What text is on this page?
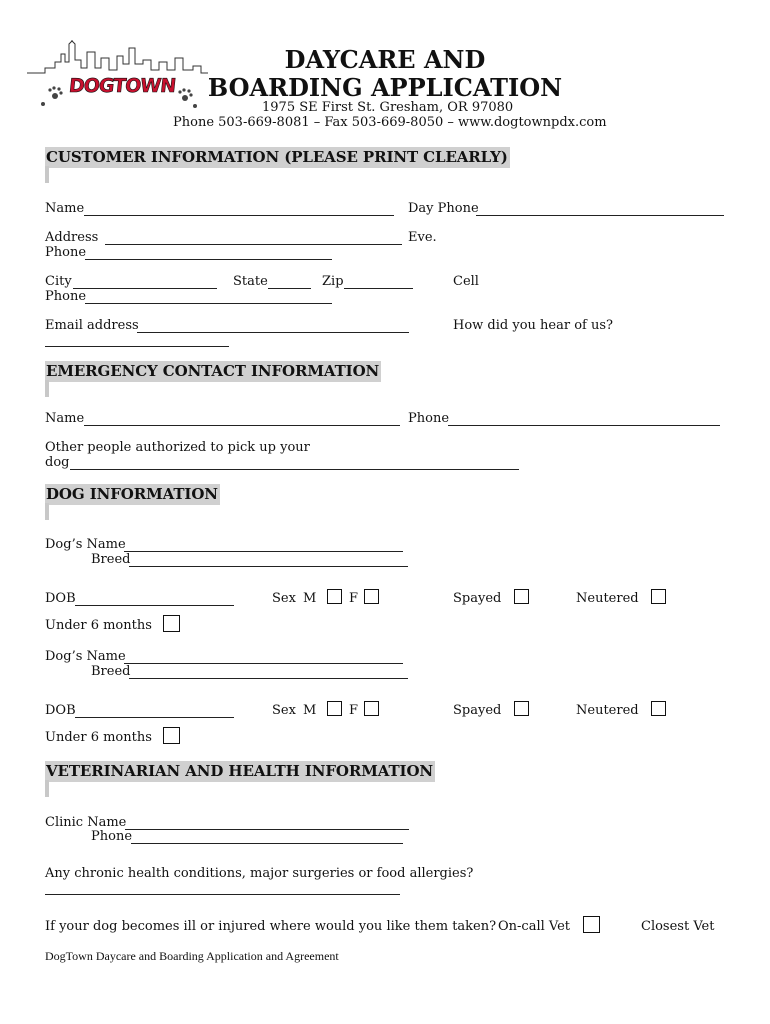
DOGTOWN
DAYCARE AND
BOARDING APPLICATION
1975 SE First St. Gresham, OR 97080
Phone 503-669-8081 – Fax 503-669-8050 – www.dogtownpdx.com
CUSTOMER INFORMATION (PLEASE PRINT CLEARLY)
Name	Day Phone
Address	Eve.
Phone
City	State	Zip	Cell
Phone
Email address	How did you hear of us?
EMERGENCY CONTACT INFORMATION
Name	Phone
Other people authorized to pick up your
dog
DOG INFORMATION
Dog’s Name
Breed
DOB	Sex M	F	Spayed	Neutered
Under 6 months
Dog’s Name
Breed
DOB	Sex M	F	Spayed	Neutered
Under 6 months
VETERINARIAN AND HEALTH INFORMATION
Clinic Name
Phone
Any chronic health conditions, major surgeries or food allergies?
If your dog becomes ill or injured where would you like them taken? On-call Vet	Closest Vet
DogTown Daycare and Boarding Application and Agreement
